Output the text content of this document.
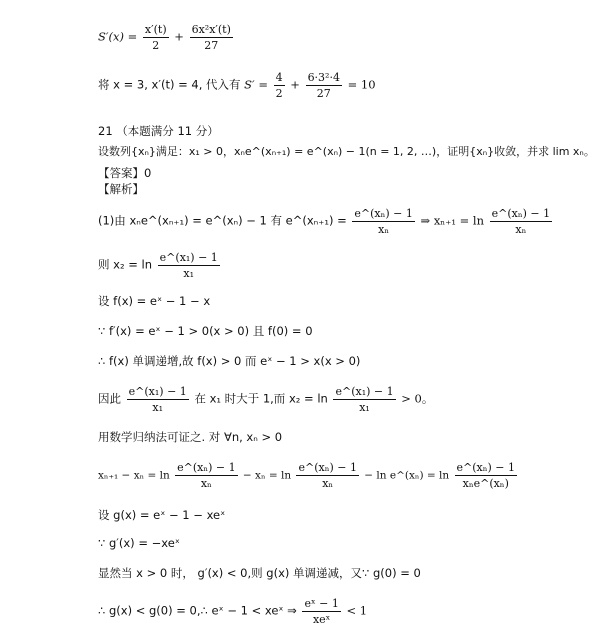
$S'(x) = \frac{x'(t)}{2} + \frac{\text{6x²x′(t)}}{27}$
将 x = 3, x′(t) = 4, 代入有 $S' = \frac{4}{2} + \frac{\text{6·3²·4}}{27} = 10$
21 （本题满分 11 分）
设数列{xₙ}满足：x₁ > 0，xₙe^(xₙ₊₁) = e^(xₙ) − 1(n = 1, 2, …)，证明{xₙ}收敛，并求 lim xₙ。
【答案】0
【解析】
(1)由 xₙe^(xₙ₊₁) = e^(xₙ) − 1 有 e^(xₙ₊₁) = $\frac{\text{e\textasciicircum{}(xₙ) − 1}}{\text{xₙ}}$ ⇒ $x_{n+1} = \ln \frac{\text{e\textasciicircum{}(xₙ) − 1}}{\text{xₙ}}$
则 $x_2 = \ln \frac{\text{e\textasciicircum{}(x₁) − 1}}{\text{x₁}}$
设 f(x) = eˣ − 1 − x
∵ f′(x) = eˣ − 1 > 0(x > 0) 且 f(0) = 0
∴ f(x) 单调递增,故 f(x) > 0 而 eˣ − 1 > x(x > 0)
因此 $\frac{\text{e\textasciicircum{}(x₁) − 1}}{\text{x₁}}$ 在 x₁ 时大于 1,而 $x_2 = \ln \frac{\text{e\textasciicircum{}(x₁) − 1}}{\text{x₁}} > 0$。
用数学归纳法可证之. 对 ∀n, xₙ > 0
$x_{n+1} - x_n = \ln \frac{\text{e\textasciicircum{}(xₙ) − 1}}{\text{xₙ}} - x_n = \ln \frac{\text{e\textasciicircum{}(xₙ) − 1}}{\text{xₙ}} - \ln$ e^(xₙ) = $\ln \frac{\text{e\textasciicircum{}(xₙ) − 1}}{\text{xₙe\textasciicircum{}(xₙ)}}$
设 g(x) = eˣ − 1 − xeˣ
∵ g′(x) = −xeˣ
显然当 x > 0 时， g′(x) < 0,则 g(x) 单调递减，又∵ g(0) = 0
∴ g(x) < g(0) = 0,∴ eˣ − 1 < xeˣ ⇒ $\frac{\text{eˣ − 1}}{\text{xeˣ}} < 1$
